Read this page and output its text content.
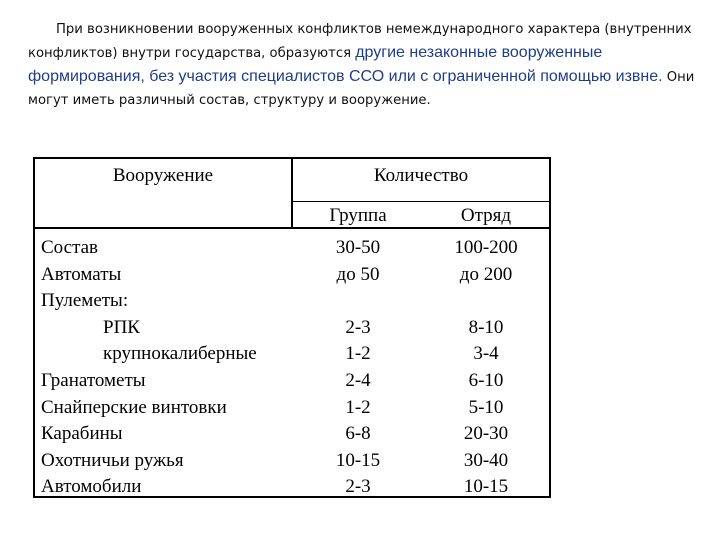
При возникновении вооруженных конфликтов немеждународного характера (внутренних конфликтов) внутри государства, образуются другие незаконные вооруженные формирования, без участия специалистов ССО или с ограниченной помощью извне. Они могут иметь различный состав, структуру и вооружение.
Вооружение	Количество
Группа	Отряд
Состав
Автоматы
Пулеметы:
РПК
крупнокалиберные
Гранатометы
Снайперские винтовки
Карабины
Охотничьи ружья
Автомобили
30-50
до 50
2-3
1-2
2-4
1-2
6-8
10-15
2-3
100-200
до 200
8-10
3-4
6-10
5-10
20-30
30-40
10-15
